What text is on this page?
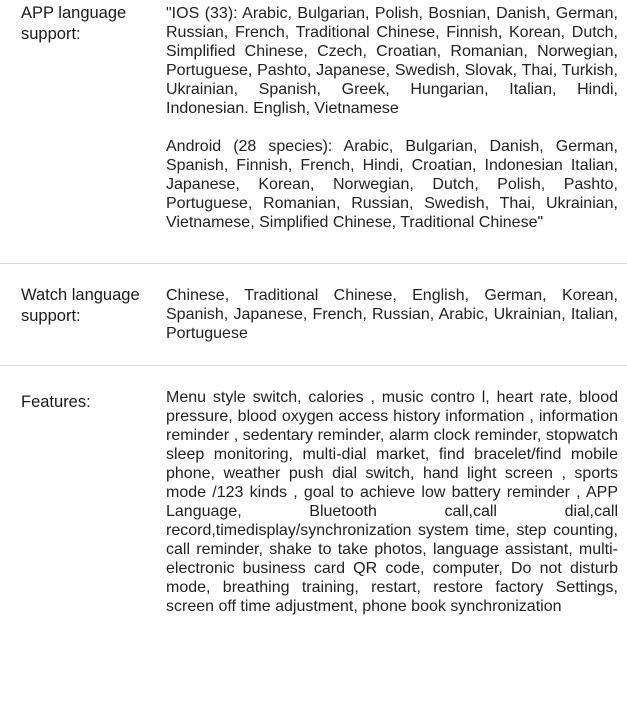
APP language support:

"IOS (33): Arabic, Bulgarian, Polish, Bosnian, Danish, German, Russian, French, Traditional Chinese, Finnish, Korean, Dutch, Simplified Chinese, Czech, Croatian, Romanian, Norwegian, Portuguese, Pashto, Japanese, Swedish, Slovak, Thai, Turkish, Ukrainian, Spanish, Greek, Hungarian, Italian, Hindi, Indonesian. English, Vietnamese

Android (28 species): Arabic, Bulgarian, Danish, German, Spanish, Finnish, French, Hindi, Croatian, Indonesian Italian, Japanese, Korean, Norwegian, Dutch, Polish, Pashto, Portuguese, Romanian, Russian, Swedish, Thai, Ukrainian, Vietnamese, Simplified Chinese, Traditional Chinese"

Watch language support:
Chinese, Traditional Chinese, English, German, Korean, Spanish, Japanese, French, Russian, Arabic, Ukrainian, Italian, Portuguese
Features:	Menu style switch, calories , music contro l, heart rate, blood pressure, blood oxygen access history information , information reminder , sedentary reminder, alarm clock reminder, stopwatch sleep monitoring, multi-dial market, find bracelet/find mobile phone, weather push dial switch, hand light screen , sports mode /123 kinds , goal to achieve low battery reminder , APP Language, Bluetooth call,call dial,call record,timedisplay/synchronization system time, step counting, call reminder, shake to take photos, language assistant, multi-electronic business card QR code, computer, Do not disturb mode, breathing training, restart, restore factory Settings, screen off time adjustment, phone book synchronization
